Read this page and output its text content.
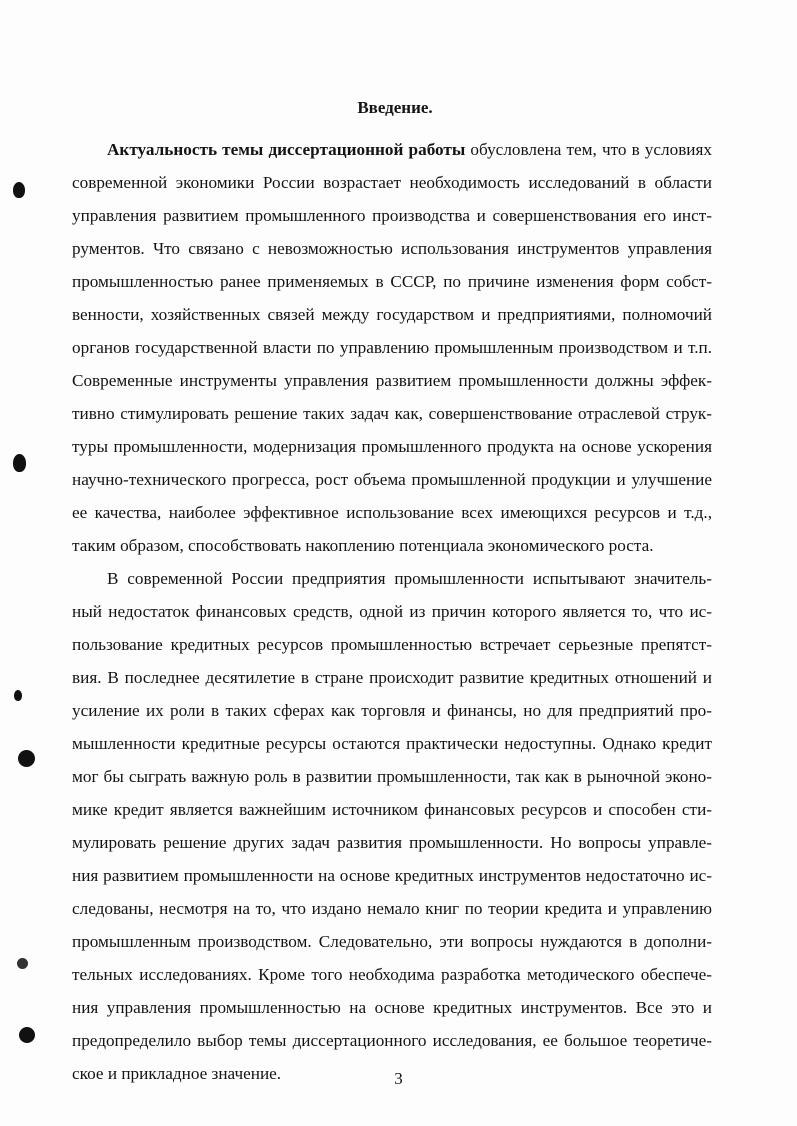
Введение.
Актуальность темы диссертационной работы обусловлена тем, что в условиях
современной экономики России возрастает необходимость исследований в области
управления развитием промышленного производства и совершенствования его инст-
рументов. Что связано с невозможностью использования инструментов управления
промышленностью ранее применяемых в СССР, по причине изменения форм собст-
венности, хозяйственных связей между государством и предприятиями, полномочий
органов государственной власти по управлению промышленным производством и т.п.
Современные инструменты управления развитием промышленности должны эффек-
тивно стимулировать решение таких задач как, совершенствование отраслевой струк-
туры промышленности, модернизация промышленного продукта на основе ускорения
научно-технического прогресса, рост объема промышленной продукции и улучшение
ее качества, наиболее эффективное использование всех имеющихся ресурсов и т.д.,
таким образом, способствовать накоплению потенциала экономического роста.
В современной России предприятия промышленности испытывают значитель-
ный недостаток финансовых средств, одной из причин которого является то, что ис-
пользование кредитных ресурсов промышленностью встречает серьезные препятст-
вия. В последнее десятилетие в стране происходит развитие кредитных отношений и
усиление их роли в таких сферах как торговля и финансы, но для предприятий про-
мышленности кредитные ресурсы остаются практически недоступны. Однако кредит
мог бы сыграть важную роль в развитии промышленности, так как в рыночной эконо-
мике кредит является важнейшим источником финансовых ресурсов и способен сти-
мулировать решение других задач развития промышленности. Но вопросы управле-
ния развитием промышленности на основе кредитных инструментов недостаточно ис-
следованы, несмотря на то, что издано немало книг по теории кредита и управлению
промышленным производством. Следовательно, эти вопросы нуждаются в дополни-
тельных исследованиях. Кроме того необходима разработка методического обеспече-
ния управления промышленностью на основе кредитных инструментов. Все это и
предопределило выбор темы диссертационного исследования, ее большое теоретиче-
ское и прикладное значение.	3
